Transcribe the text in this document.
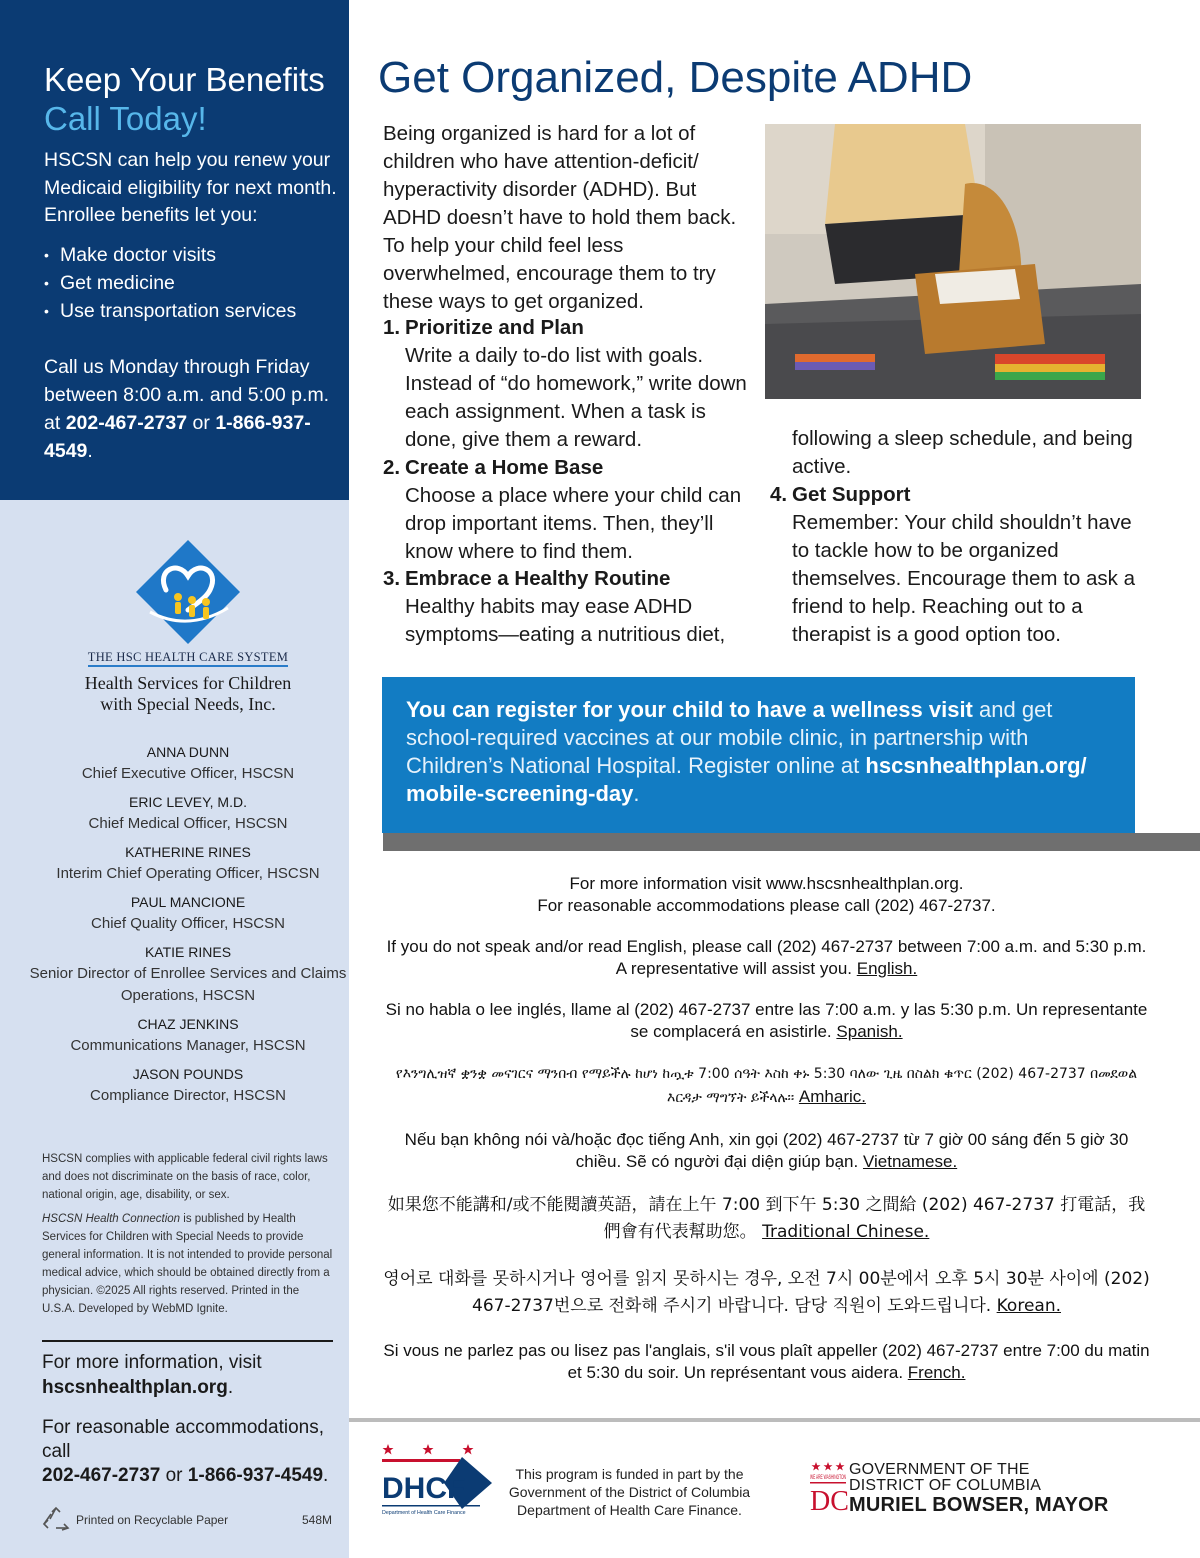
Keep Your Benefits
Call Today!
HSCSN can help you renew your Medicaid eligibility for next month. Enrollee benefits let you:
• Make doctor visits
• Get medicine
• Use transportation services
Call us Monday through Friday between 8:00 a.m. and 5:00 p.m. at 202-467-2737 or 1-866-937-4549.
THE HSC HEALTH CARE SYSTEM
Health Services for Children
with Special Needs, Inc.
ANNA DUNN
Chief Executive Officer, HSCSN
ERIC LEVEY, M.D.
Chief Medical Officer, HSCSN
KATHERINE RINES
Interim Chief Operating Officer, HSCSN
PAUL MANCIONE
Chief Quality Officer, HSCSN
KATIE RINES
Senior Director of Enrollee Services and Claims Operations, HSCSN
CHAZ JENKINS
Communications Manager, HSCSN
JASON POUNDS
Compliance Director, HSCSN

HSCSN complies with applicable federal civil rights laws and does not discriminate on the basis of race, color, national origin, age, disability, or sex.

HSCSN Health Connection is published by Health Services for Children with Special Needs to provide general information. It is not intended to provide personal medical advice, which should be obtained directly from a physician. ©2025 All rights reserved. Printed in the U.S.A. Developed by WebMD Ignite.

For more information, visit
hscsnhealthplan.org.
For reasonable accommodations, call
202-467-2737 or 1-866-937-4549.
Printed on Recyclable Paper	548M
Get Organized, Despite ADHD
Being organized is hard for a lot of children who have attention-deficit/ hyperactivity disorder (ADHD). But ADHD doesn’t have to hold them back. To help your child feel less overwhelmed, encourage them to try these ways to get organized.
1. Prioritize and Plan
Write a daily to-do list with goals. Instead of “do homework,” write down each assignment. When a task is done, give them a reward.
2. Create a Home Base
Choose a place where your child can drop important items. Then, they’ll know where to find them.
3. Embrace a Healthy Routine
Healthy habits may ease ADHD symptoms—eating a nutritious diet,
following a sleep schedule, and being active.
4. Get Support
Remember: Your child shouldn’t have to tackle how to be organized themselves. Encourage them to ask a friend to help. Reaching out to a therapist is a good option too.
You can register for your child to have a wellness visit and get school-required vaccines at our mobile clinic, in partnership with Children’s National Hospital. Register online at hscsnhealthplan.org/ mobile-screening-day.

For more information visit www.hscsnhealthplan.org.
For reasonable accommodations please call (202) 467-2737.

If you do not speak and/or read English, please call (202) 467-2737 between 7:00 a.m. and 5:30 p.m. A representative will assist you. English.

Si no habla o lee inglés, llame al (202) 467-2737 entre las 7:00 a.m. y las 5:30 p.m. Un representante se complacerá en asistirle. Spanish.

የእንግሊዝኛ ቋንቋ መናገርና ማንበብ የማይችሉ ከሆነ ከጧቱ 7:00 ሰዓት እስከ ቀኑ 5:30 ባለው ጊዜ በስልክ ቁጥር (202) 467-2737 በመደወል እርዳታ ማግኘት ይችላሉ፡፡ Amharic.

Nếu bạn không nói và/hoặc đọc tiếng Anh, xin gọi (202) 467-2737 từ 7 giờ 00 sáng đến 5 giờ 30 chiều. Sẽ có người đại diện giúp bạn. Vietnamese.

如果您不能講和/或不能閱讀英語，請在上午 7:00 到下午 5:30 之間給 (202) 467-2737 打電話，我們會有代表幫助您。 Traditional Chinese.

영어로 대화를 못하시거나 영어를 읽지 못하시는 경우, 오전 7시 00분에서 오후 5시 30분 사이에 (202) 467-2737번으로 전화해 주시기 바랍니다. 담당 직원이 도와드립니다. Korean.

Si vous ne parlez pas ou lisez pas l'anglais, s'il vous plaît appeller (202) 467-2737 entre 7:00 du matin et 5:30 du soir. Un représentant vous aidera. French.

DHCF
Department of Health Care Finance
This program is funded in part by the Government of the District of Columbia Department of Health Care Finance.
WE ARE WASHINGTON
DC
GOVERNMENT OF THE
DISTRICT OF COLUMBIA
MURIEL BOWSER, MAYOR
